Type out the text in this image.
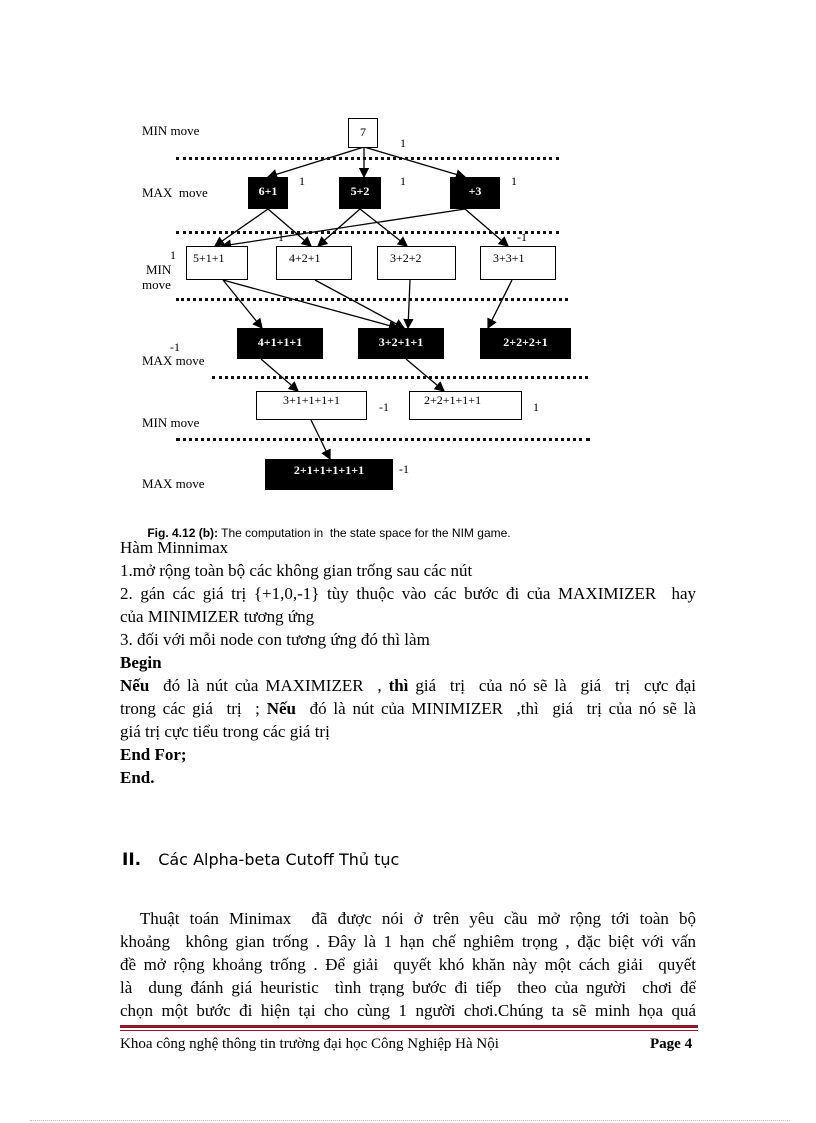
MIN move
MAX  move
MIN
move
MAX move
MIN move
MAX move
1
-1
7
6+1	5+2	+3
5+1+1	4+2+1	3+2+2	3+3+1
4+1+1+1	3+2+1+1	2+2+2+1
3+1+1+1+1	2+2+1+1+1
2+1+1+1+1+1
1
1	1	1
-1	-1
-1	1
-1

Fig. 4.12 (b): The computation in  the state space for the NIM game.

Hàm Minnimax
1.mở rộng toàn bộ các không gian trống sau các nút
2. gán các giá trị {+1,0,-1} tùy thuộc vào các bước đi của MAXIMIZER  hay
của MINIMIZER tương ứng
3. đối với mỗi node con tương ứng đó thì làm
Begin
Nếu  đó là nút của MAXIMIZER  , thì giá  trị  của nó sẽ là  giá  trị  cực đại
trong các giá  trị  ; Nếu  đó là nút của MINIMIZER  ,thì  giá  trị của nó sẽ là
giá trị cực tiểu trong các giá trị
End For;
End.
II. Các Alpha-beta Cutoff Thủ tục
Thuật toán Minimax  đã được nói ở trên yêu cầu mở rộng tới toàn bộ
khoảng  không gian trống . Đây là 1 hạn chế nghiêm trọng , đặc biệt với vấn
đề mở rộng khoảng trống . Để giải  quyết khó khăn này một cách giải  quyết
là  dung đánh giá heuristic  tình trạng bước đi tiếp  theo của người  chơi để
chọn một bước đi hiện tại cho cùng 1 người chơi.Chúng ta sẽ minh họa quá
Khoa công nghệ thông tin trường đại học Công Nghiệp Hà Nội	Page 4
